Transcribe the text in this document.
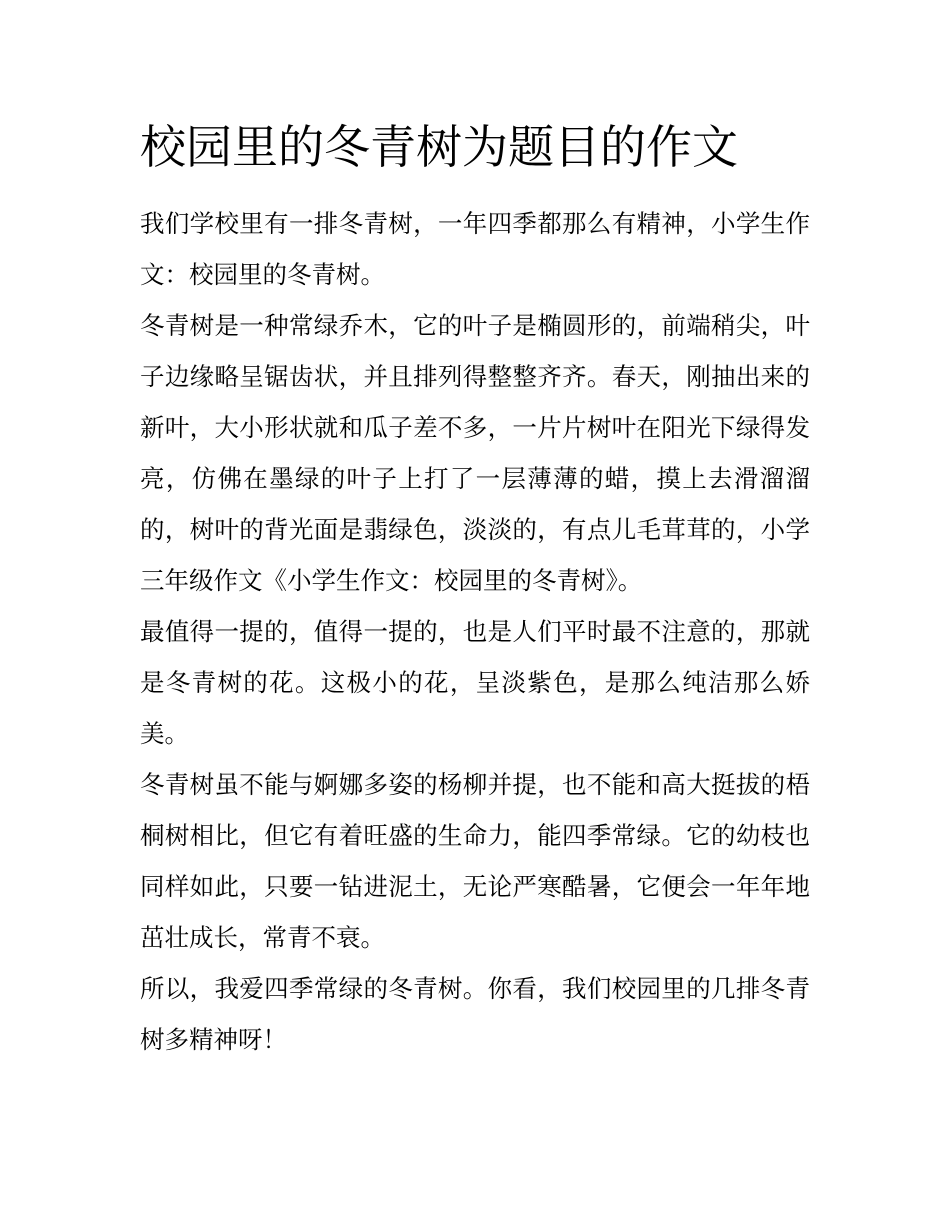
校园里的冬青树为题目的作文

我们学校里有一排冬青树，一年四季都那么有精神，小学生作文：校园里的冬青树。

冬青树是一种常绿乔木，它的叶子是椭圆形的，前端稍尖，叶子边缘略呈锯齿状，并且排列得整整齐齐。春天，刚抽出来的新叶，大小形状就和瓜子差不多，一片片树叶在阳光下绿得发亮，仿佛在墨绿的叶子上打了一层薄薄的蜡，摸上去滑溜溜的，树叶的背光面是翡绿色，淡淡的，有点儿毛茸茸的，小学三年级作文《小学生作文：校园里的冬青树》。

最值得一提的，值得一提的，也是人们平时最不注意的，那就是冬青树的花。这极小的花，呈淡紫色，是那么纯洁那么娇美。

冬青树虽不能与婀娜多姿的杨柳并提，也不能和高大挺拔的梧桐树相比，但它有着旺盛的生命力，能四季常绿。它的幼枝也同样如此，只要一钻进泥土，无论严寒酷暑，它便会一年年地茁壮成长，常青不衰。

所以，我爱四季常绿的冬青树。你看，我们校园里的几排冬青树多精神呀！
